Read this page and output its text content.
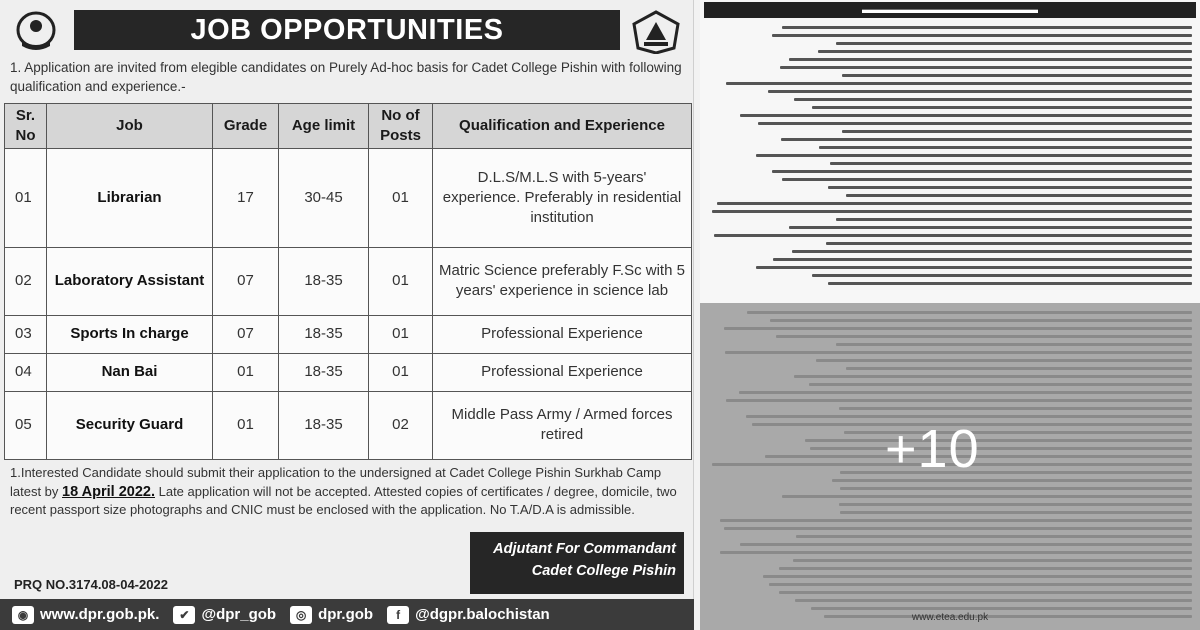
JOB OPPORTUNITIES
1. Application are invited from elegible candidates on Purely Ad-hoc basis for Cadet College Pishin with following qualification and experience.-
Sr. No	Job	Grade	Age limit	No of Posts	Qualification and Experience
01	Librarian	17	30-45	01	D.L.S/M.L.S with 5-years' experience. Preferably in residential institution
02	Laboratory Assistant	07	18-35	01	Matric Science preferably F.Sc with 5 years' experience in science lab
03	Sports In charge	07	18-35	01	Professional Experience
04	Nan Bai	01	18-35	01	Professional Experience
05	Security Guard	01	18-35	02	Middle Pass Army / Armed forces retired
1.Interested Candidate should submit their application to the undersigned at Cadet College Pishin Surkhab Camp latest by 18 April 2022. Late application will not be accepted. Attested copies of certificates / degree, domicile, two recent passport size photographs and CNIC must be enclosed with the application. No T.A/D.A is admissible.
Adjutant For Commandant
Cadet College Pishin
PRQ NO.3174.08-04-2022
◉ www.dpr.gob.pk.	✔ @dpr_gob	◎ dpr.gob	f	@dgpr.balochistan
▬▬▬▬▬▬▬▬▬▬▬▬▬▬▬▬
+10
www.etea.edu.pk
